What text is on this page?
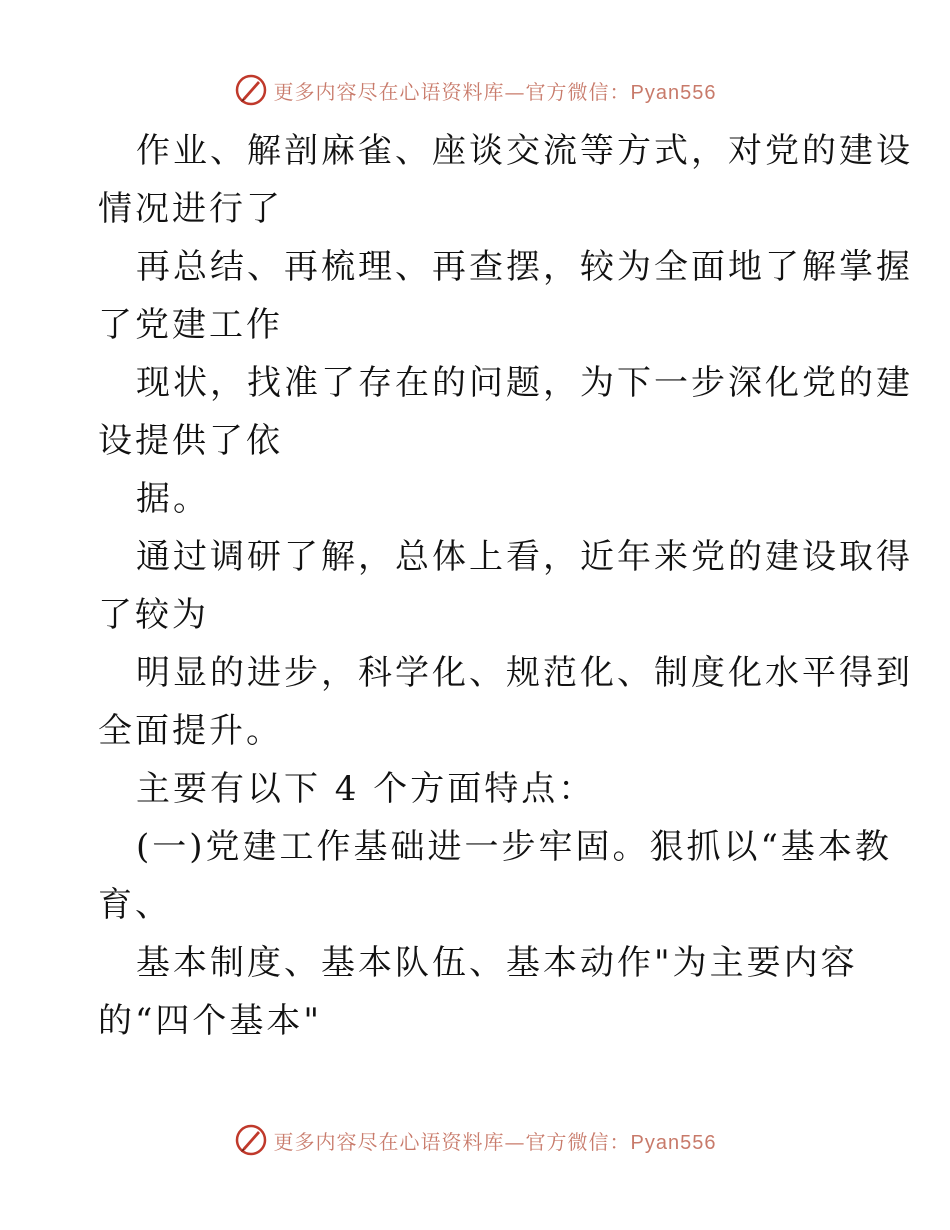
更多内容尽在心语资料库—官方微信：Pyan556
作业、解剖麻雀、座谈交流等方式，对党的建设
情况进行了
再总结、再梳理、再查摆，较为全面地了解掌握
了党建工作
现状，找准了存在的问题，为下一步深化党的建
设提供了依
据。
通过调研了解，总体上看，近年来党的建设取得
了较为
明显的进步，科学化、规范化、制度化水平得到
全面提升。
主要有以下 4 个方面特点：
(一)党建工作基础进一步牢固。狠抓以“基本教
育、
基本制度、基本队伍、基本动作"为主要内容
的“四个基本"
更多内容尽在心语资料库—官方微信：Pyan556
